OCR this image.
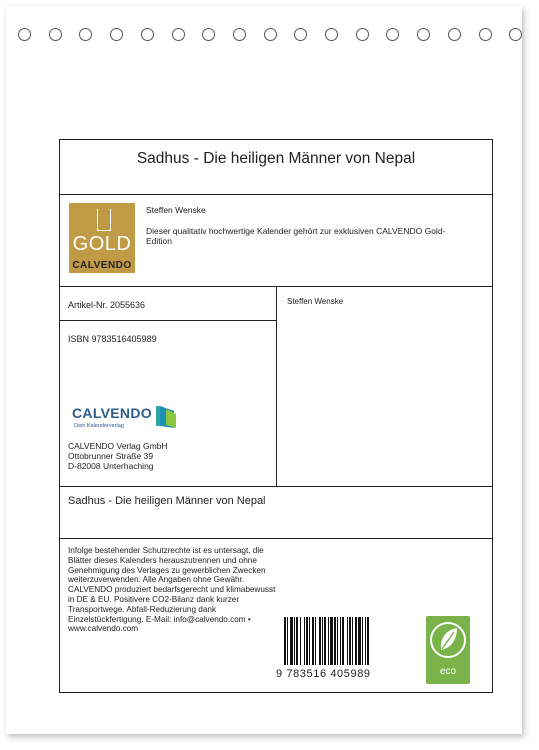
Sadhus - Die heiligen Männer von Nepal
GOLD
CALVENDO
Steffen Wenske
Dieser qualitativ hochwertige Kalender gehört zur exklusiven CALVENDO Gold-Edition
Artikel-Nr. 2055636	Steffen Wenske
ISBN 9783516405989
CALVENDO
Dein Kalenderverlag
CALVENDO Verlag GmbH
Ottobrunner Straße 39
D-82008 Unterhaching
Sadhus - Die heiligen Männer von Nepal
Infolge bestehender Schutzrechte ist es untersagt, die Blätter dieses Kalenders herauszutrennen und ohne Genehmigung des Verlages zu gewerblichen Zwecken weiterzuverwenden. Alle Angaben ohne Gewähr. CALVENDO produziert bedarfsgerecht und klimabewusst in DE & EU. Positivere CO2-Bilanz dank kurzer Transportwege. Abfall-Reduzierung dank Einzelstückfertigung. E-Mail: info@calvendo.com • www.calvendo.com
9 783516 405989	eco
